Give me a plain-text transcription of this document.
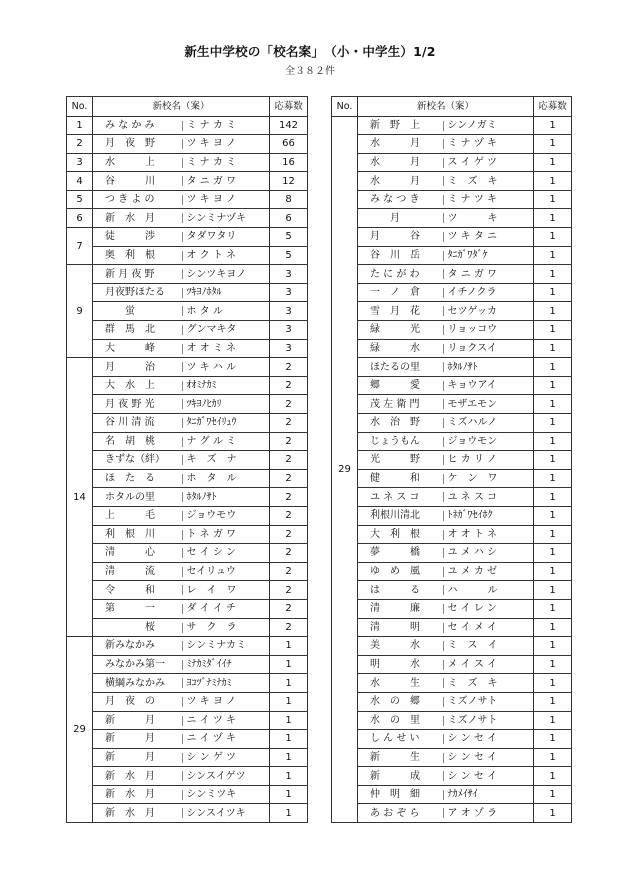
新生中学校の「校名案」　（小・中学生）1/2
全３８２件
No.	新校名（案）		応募数
1	み な か み	ミ ナ カ ミ	142
2	月　夜　野	ツ キ ヨ ノ	66
3	水　　　上	ミ ナ カ ミ	16
4	谷　　　川	タ ニ ガ ワ	12
5	つ き よ の	ツ キ ヨ ノ	8
6	新　水　月	シンミナヅキ	6
7	徒　　　渉	タダワタリ	5
	奥　利　根	オ ク ト ネ	5
9	新 月 夜 野	シンツキヨノ	3
	月夜野ほたる	ﾂｷﾖﾉﾎﾀﾙ	3
	　　蛍	ホ タ ル	3
	群　馬　北	グンマキタ	3
	大　　　峰	オ オ ミ ネ	3
14	月　　　治	ツ キ ハ ル	2
	大　水　上	ｵｵﾐﾅｶﾐ	2
	月 夜 野 光	ﾂｷﾖﾉﾋｶﾘ	2
	谷 川 清 流	ﾀﾆｶﾞﾜｾｲﾘｭｳ	2
	名　胡　桃	ナ グ ル ミ	2
	きずな（絆）	キ　ズ　ナ	2
	ほ　た　る	ホ　タ　ル	2
	ホタルの里	ﾎﾀﾙﾉｻﾄ	2
	上　　　毛	ジョウモウ	2
	利　根　川	ト ネ ガ ワ	2
	清　　　心	セ イ シ ン	2
	清　　　流	セイリュウ	2
	令　　　和	レ　イ　ワ	2
	第　　　一	ダ イ イ チ	2
	　　　　桜	サ　ク　ラ	2
29	新みなかみ	シンミナカミ	1
	みなかみ第一	ﾐﾅｶﾐﾀﾞｲｲﾁ	1
	横綱みなかみ	ﾖｺﾂﾞﾅﾐﾅｶﾐ	1
	月　夜　の	ツ キ ヨ ノ	1
	新　　　月	ニ イ ツ キ	1
	新　　　月	ニ イ ヅ キ	1
	新　　　月	シ ン ゲ ツ	1
	新　水　月	シンスイゲツ	1
	新　水　月	シンミツキ	1
	新　水　月	シンスイツキ	1
No.	新校名（案）		応募数
29	新　野　上	シンノガミ	1
	水　　　月	ミ ナ ヅ キ	1
	水　　　月	ス イ ゲ ツ	1
	水　　　月	ミ　ズ　キ	1
	み な つ き	ミ ナ ツ キ	1
	　　月	ツ　　　キ	1
	月　　　谷	ツ キ タ ニ	1
	谷　川　岳	ﾀﾆｶﾞﾜﾀﾞｹ	1
	た に が わ	タ ニ ガ ワ	1
	一　ノ　倉	イチノクラ	1
	雪　月　花	セツゲッカ	1
	緑　　　光	リョッコウ	1
	緑　　　水	リョクスイ	1
	ほたるの里	ﾎﾀﾙﾉｻﾄ	1
	郷　　　愛	キョウアイ	1
	茂 左 衛 門	モザエモン	1
	水　治　野	ミズハルノ	1
	じょうもん	ジョウモン	1
	光　　　野	ヒ カ リ ノ	1
	健　　　和	ケ　ン　ワ	1
	ユ ネ ス コ	ユ ネ ス コ	1
	利根川清北	ﾄﾈｶﾞﾜｾｲﾎｸ	1
	大　利　根	オ オ ト ネ	1
	夢　　　橋	ユ メ ハ シ	1
	ゆ　め　風	ユ メ カ ゼ	1
	は　　　る	ハ　　　ル	1
	清　　　廉	セ イ レ ン	1
	清　　　明	セ イ メ イ	1
	美　　　水	ミ　ス　イ	1
	明　　　水	メ イ ス イ	1
	水　　　生	ミ　ズ　キ	1
	水　の　郷	ミズノサト	1
	水　の　里	ミズノサト	1
	し ん せ い	シ ン セ イ	1
	新　　　生	シ ン セ イ	1
	新　　　成	シ ン セ イ	1
	仲　明　細	ﾅｶﾒｲｻｲ	1
	あ お ぞ ら	ア オ ゾ ラ	1
